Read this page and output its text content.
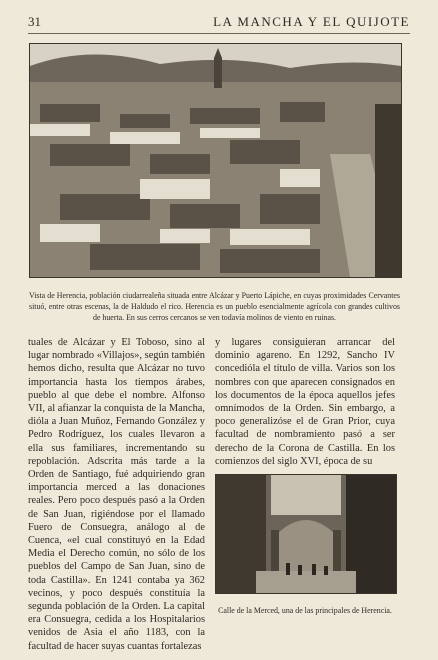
31	LA MANCHA Y EL QUIJOTE

Vista de Herencia, población ciudarrealeña situada entre Alcázar y Puerto Lápiche, en cuyas proximidades Cervantes situó, entre otras escenas, la de Haldudo el rico. Herencia es un pueblo esencialmente agrícola con grandes cultivos de huerta. En sus cerros cercanos se ven todavía molinos de viento en ruinas.

tuales de Alcázar y El Toboso, sino al lugar nombrado «Villajos», según también hemos dicho, resulta que Alcázar no tuvo importancia hasta los tiempos árabes, pueblo al que debe el nombre. Alfonso VII, al afianzar la conquista de la Mancha, dióla a Juan Muñoz, Fernando González y Pedro Rodríguez, los cuales llevaron a ella sus familiares, incrementando su repoblación. Adscrita más tarde a la Orden de Santiago, fué adquiriendo gran importancia merced a las donaciones reales. Pero poco después pasó a la Orden de San Juan, rigiéndose por el llamado Fuero de Consuegra, análogo al de Cuenca, «el cual constituyó en la Edad Media el Derecho común, no sólo de los pueblos del Campo de San Juan, sino de toda Castilla». En 1241 contaba ya 362 vecinos, y poco después constituía la segunda población de la Orden. La capital era Consuegra, cedida a los Hospitalarios venidos de Asia el año 1183, con la facultad de hacer suyas cuantas fortalezas
y lugares consiguieran arrancar del dominio agareno. En 1292, Sancho IV concedióla el título de villa. Varios son los nombres con que aparecen consignados en los documentos de la época aquellos jefes omnímodos de la Orden. Sin embargo, a poco generalizóse el de Gran Prior, cuya facultad de nombramiento pasó a ser derecho de la Corona de Castilla. En los comienzos del siglo XVI, época de su

Calle de la Merced, una de las principales de Herencia.
